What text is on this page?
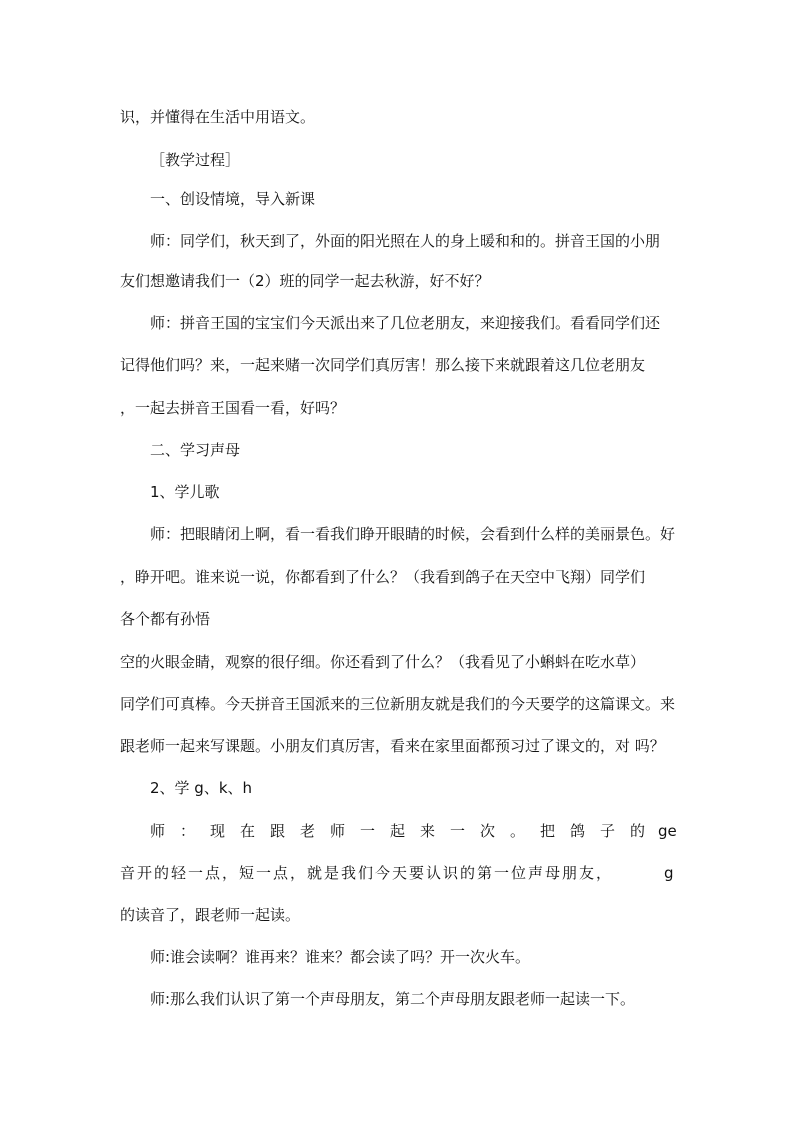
识，并懂得在生活中用语文。
［教学过程］
一、创设情境，导入新课
师：同学们，秋天到了，外面的阳光照在人的身上暖和和的。拼音王国的小朋
友们想邀请我们一（2）班的同学一起去秋游，好不好？
师：拼音王国的宝宝们今天派出来了几位老朋友，来迎接我们。看看同学们还
记得他们吗？来，一起来赌一次同学们真厉害！那么接下来就跟着这几位老朋友
，一起去拼音王国看一看，好吗？
二、学习声母
1、学儿歌
师：把眼睛闭上啊，看一看我们睁开眼睛的时候，会看到什么样的美丽景色。好
，睁开吧。谁来说一说，你都看到了什么？（我看到鸽子在天空中飞翔）同学们
各个都有孙悟
空的火眼金睛，观察的很仔细。你还看到了什么？（我看见了小蝌蚪在吃水草）
同学们可真棒。今天拼音王国派来的三位新朋友就是我们的今天要学的这篇课文。来
跟老师一起来写课题。小朋友们真厉害，看来在家里面都预习过了课文的，对 吗？
2、学 g、k、h
师：现在跟老师一起来一次。把鸽子的
ge
音开的轻一点，短一点，就是我们今天要认识的第一位声母朋友，	g
的读音了，跟老师一起读。
师:谁会读啊？谁再来？谁来？都会读了吗？开一次火车。
师:那么我们认识了第一个声母朋友，第二个声母朋友跟老师一起读一下。
